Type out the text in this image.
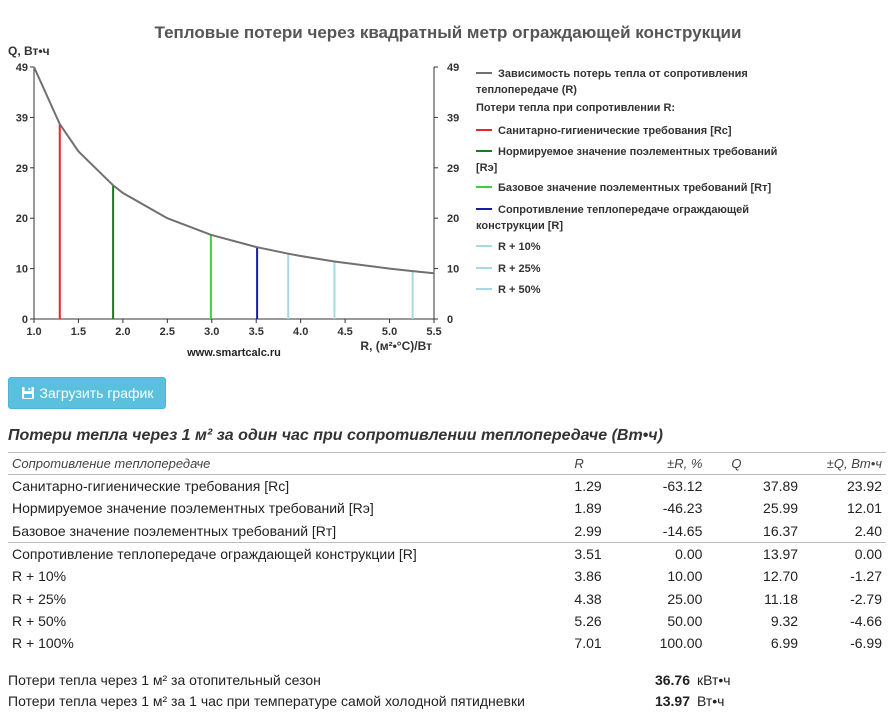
Тепловые потери через квадратный метр ограждающей конструкции
Q, Вт•ч
R, (м²•°C)/Вт
www.smartcalc.ru
1.0	1.5	2.0	2.5	3.0	3.5	4.0	4.5	5.0	5.5
0	0
10	10
20	20
29	29
39	39
49	49	Зависимость потерь тепла от сопротивления
теплопередаче (R)
Потери тепла при сопротивлении R:
Санитарно-гигиенические требования [Rc]
Нормируемое значение поэлементных требований
[Rэ]
Базовое значение поэлементных требований [Rт]
Сопротивление теплопередаче ограждающей
конструкции [R]
R + 10%
R + 25%
R + 50%
Загрузить график
Потери тепла через 1 м² за один час при сопротивлении теплопередаче (Вт•ч)
Сопротивление теплопередаче	R	±R, %	Q	±Q, Вт•ч
Санитарно-гигиенические требования [Rc]	1.29	-63.12	37.89	23.92
Нормируемое значение поэлементных требований [Rэ]	1.89	-46.23	25.99	12.01
Базовое значение поэлементных требований [Rт]	2.99	-14.65	16.37	2.40
Сопротивление теплопередаче ограждающей конструкции [R]	3.51	0.00	13.97	0.00
R + 10%	3.86	10.00	12.70	-1.27
R + 25%	4.38	25.00	11.18	-2.79
R + 50%	5.26	50.00	9.32	-4.66
R + 100%	7.01	100.00	6.99	-6.99
Потери тепла через 1 м² за отопительный сезон	36.76 кВт•ч
Потери тепла через 1 м² за 1 час при температуре самой холодной пятидневки	13.97 Вт•ч
